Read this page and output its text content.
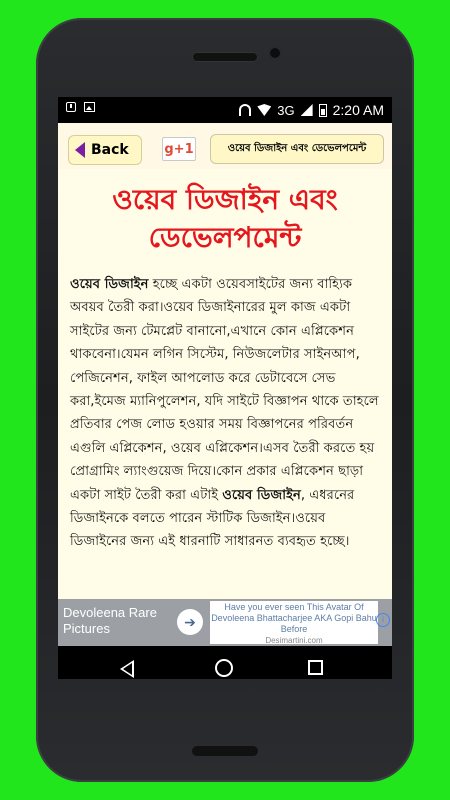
3G	2:20 AM
Back	g+1	ওয়েব ডিজাইন এবং ডেভেলপমেন্ট
ওয়েব ডিজাইন এবং ডেভেলপমেন্ট
ওয়েব ডিজাইন হচ্ছে একটা ওয়েবসাইটের জন্য বাহ্যিক অবয়ব তৈরী করা।ওয়েব ডিজাইনারের মুল কাজ একটা সাইটের জন্য টেমপ্লেট বানানো,এখানে কোন এপ্লিকেশন থাকবেনা।যেমন লগিন সিস্টেম, নিউজলেটার সাইনআপ, পেজিনেশন, ফাইল আপলোড করে ডেটাবেসে সেভ করা,ইমেজ ম্যানিপুলেশন, যদি সাইটে বিজ্ঞাপন থাকে তাহলে প্রতিবার পেজ লোড হওয়ার সময় বিজ্ঞাপনের পরিবর্তন এগুলি এপ্লিকেশন, ওয়েব এপ্লিকেশন।এসব তৈরী করতে হয় প্রোগ্রামিং ল্যাংগুয়েজ দিয়ে।কোন প্রকার এপ্লিকেশন ছাড়া একটা সাইট তৈরী করা এটাই ওয়েব ডিজাইন, এধরনের ডিজাইনকে বলতে পারেন স্টাটিক ডিজাইন।ওয়েব ডিজাইনের জন্য এই ধারনাটি সাধারনত ব্যবহৃত হচ্ছে।
Devoleena Rare Pictures	➔
Have you ever seen This Avatar Of Devoleena Bhattacharjee AKA Gopi Bahu Before
Desimartini.com
i
